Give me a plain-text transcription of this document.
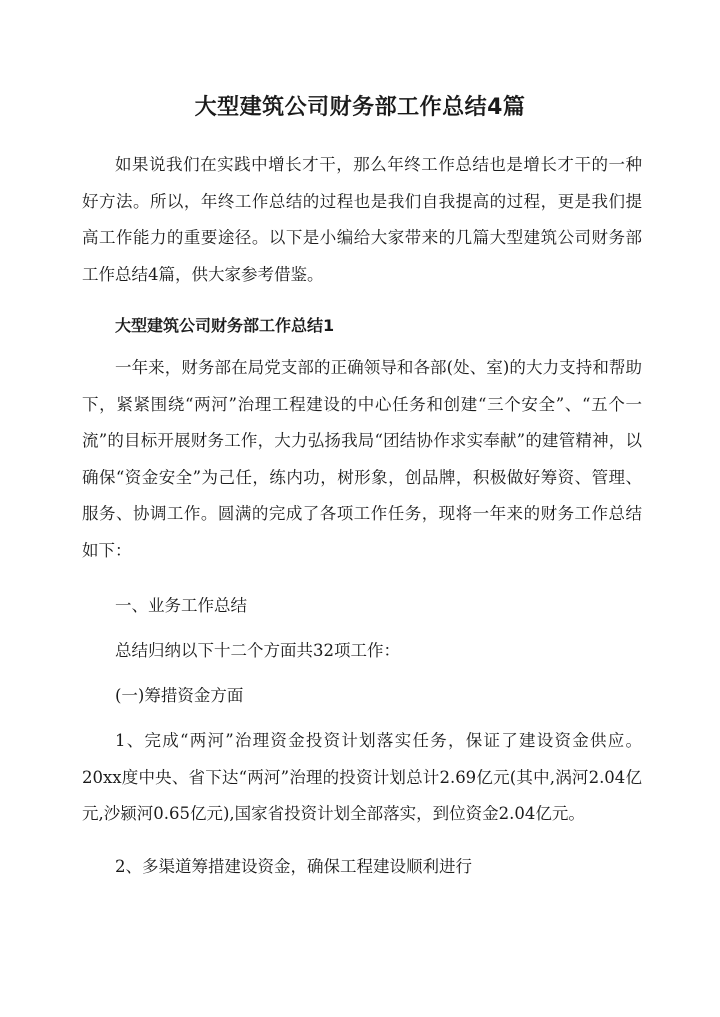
大型建筑公司财务部工作总结4篇

如果说我们在实践中增长才干，那么年终工作总结也是增长才干的一种好方法。所以，年终工作总结的过程也是我们自我提高的过程，更是我们提高工作能力的重要途径。以下是小编给大家带来的几篇大型建筑公司财务部工作总结4篇，供大家参考借鉴。

大型建筑公司财务部工作总结1

一年来，财务部在局党支部的正确领导和各部(处、室)的大力支持和帮助下，紧紧围绕“两河”治理工程建设的中心任务和创建“三个安全”、“五个一流”的目标开展财务工作，大力弘扬我局“团结协作求实奉献”的建管精神，以确保“资金安全”为己任，练内功，树形象，创品牌，积极做好筹资、管理、服务、协调工作。圆满的完成了各项工作任务，现将一年来的财务工作总结如下：

一、业务工作总结
总结归纳以下十二个方面共32项工作：
(一)筹措资金方面

1、完成“两河”治理资金投资计划落实任务，保证了建设资金供应。20xx度中央、省下达“两河”治理的投资计划总计2.69亿元(其中,涡河2.04亿元,沙颍河0.65亿元),国家省投资计划全部落实，到位资金2.04亿元。

2、多渠道筹措建设资金，确保工程建设顺利进行
